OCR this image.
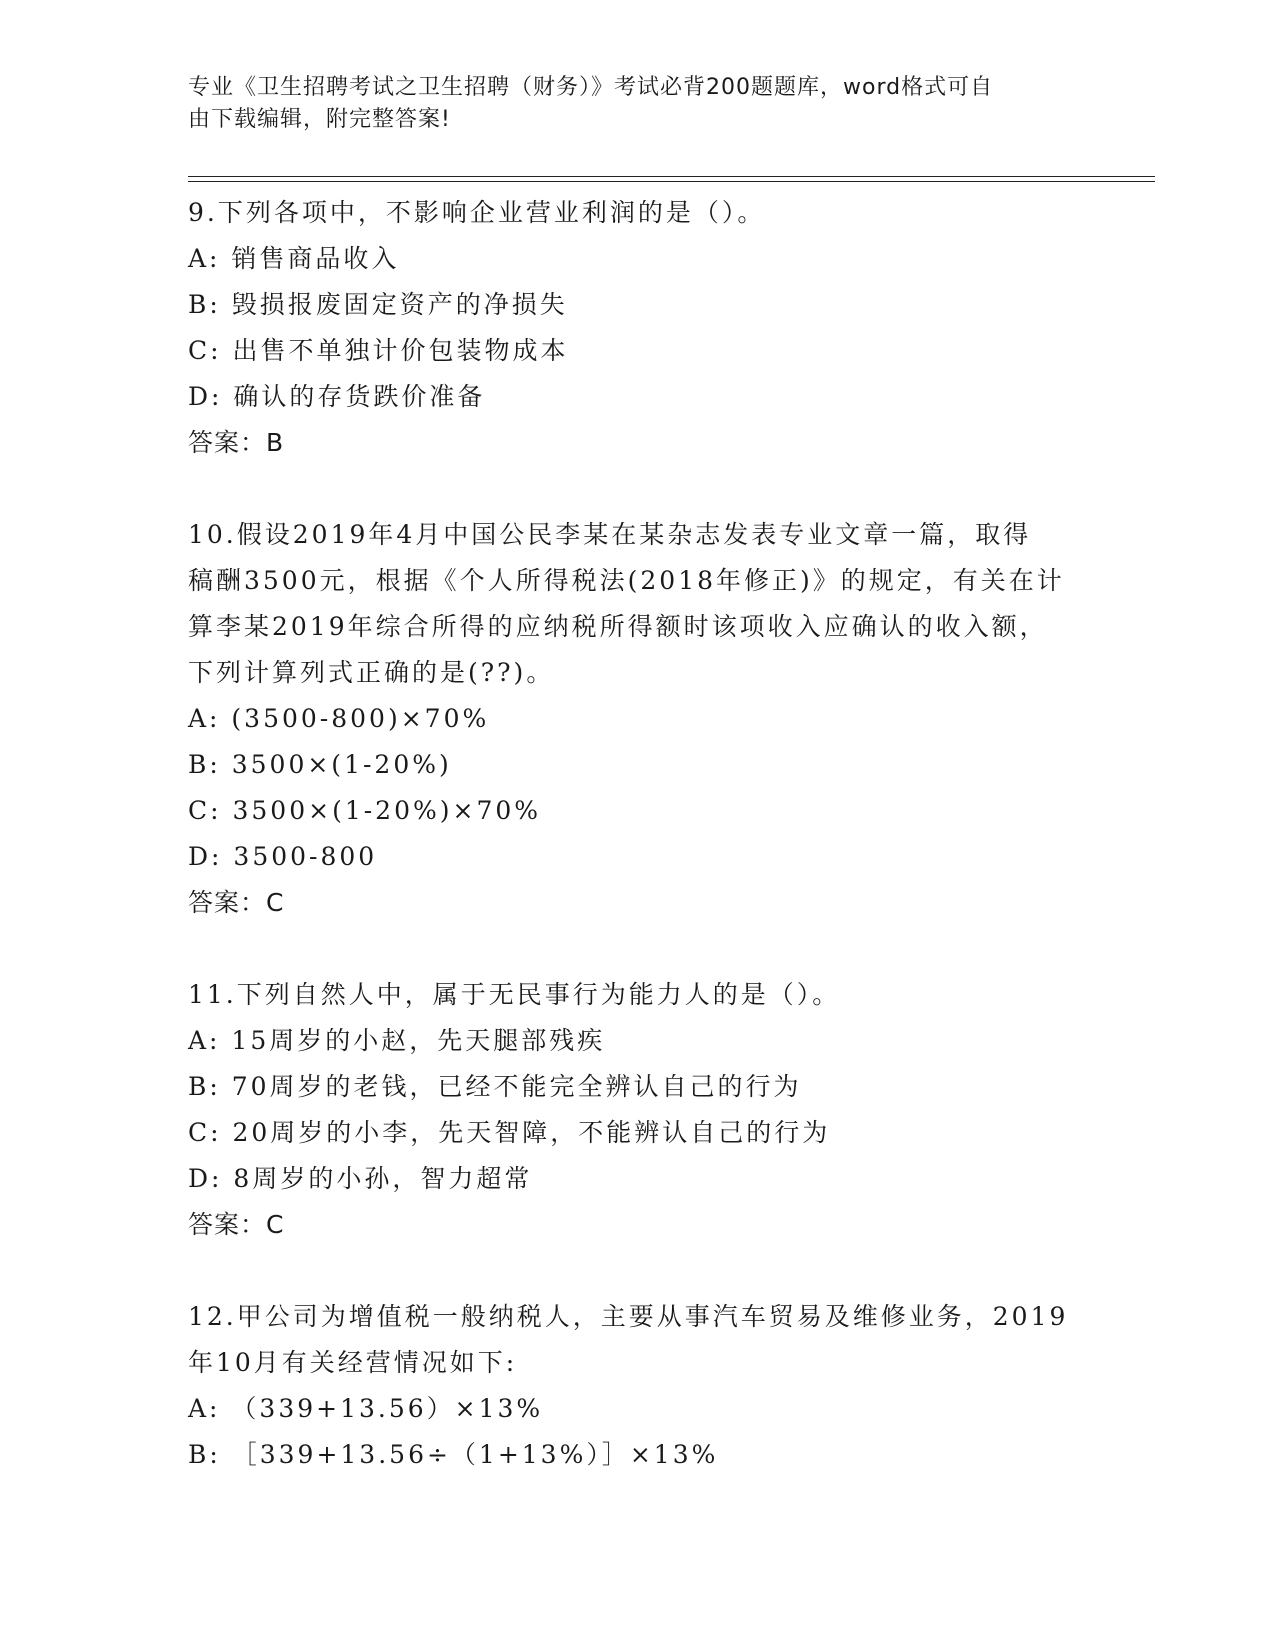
专业《卫生招聘考试之卫生招聘（财务）》考试必背200题题库，word格式可自
由下载编辑，附完整答案!
9.下列各项中，不影响企业营业利润的是（）。
A: 销售商品收入
B: 毁损报废固定资产的净损失
C: 出售不单独计价包装物成本
D: 确认的存货跌价准备
答案：B
10.假设2019年4月中国公民李某在某杂志发表专业文章一篇，取得
稿酬3500元，根据《个人所得税法(2018年修正)》的规定，有关在计
算李某2019年综合所得的应纳税所得额时该项收入应确认的收入额，
下列计算列式正确的是(??)。
A: (3500-800)×70%
B: 3500×(1-20%)
C: 3500×(1-20%)×70%
D: 3500-800
答案：C
11.下列自然人中，属于无民事行为能力人的是（）。
A: 15周岁的小赵，先天腿部残疾
B: 70周岁的老钱，已经不能完全辨认自己的行为
C: 20周岁的小李，先天智障，不能辨认自己的行为
D: 8周岁的小孙，智力超常
答案：C
12.甲公司为增值税一般纳税人，主要从事汽车贸易及维修业务，2019
年10月有关经营情况如下:
A: （339+13.56）×13%
B: ［339+13.56÷（1+13%）］×13%
